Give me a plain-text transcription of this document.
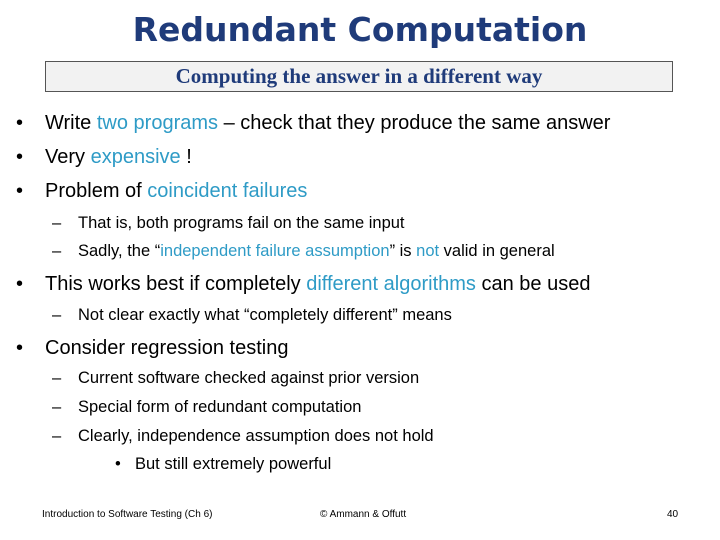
Redundant Computation
Computing the answer in a different way
• Write two programs – check that they produce the same answer
• Very expensive !
• Problem of coincident failures
– That is, both programs fail on the same input
– Sadly, the “independent failure assumption” is not valid in general
• This works best if completely different algorithms can be used
– Not clear exactly what “completely different” means
• Consider regression testing
– Current software checked against prior version
– Special form of redundant computation
– Clearly, independence assumption does not hold
• But still extremely powerful
Introduction to Software Testing (Ch 6)	© Ammann & Offutt	40
